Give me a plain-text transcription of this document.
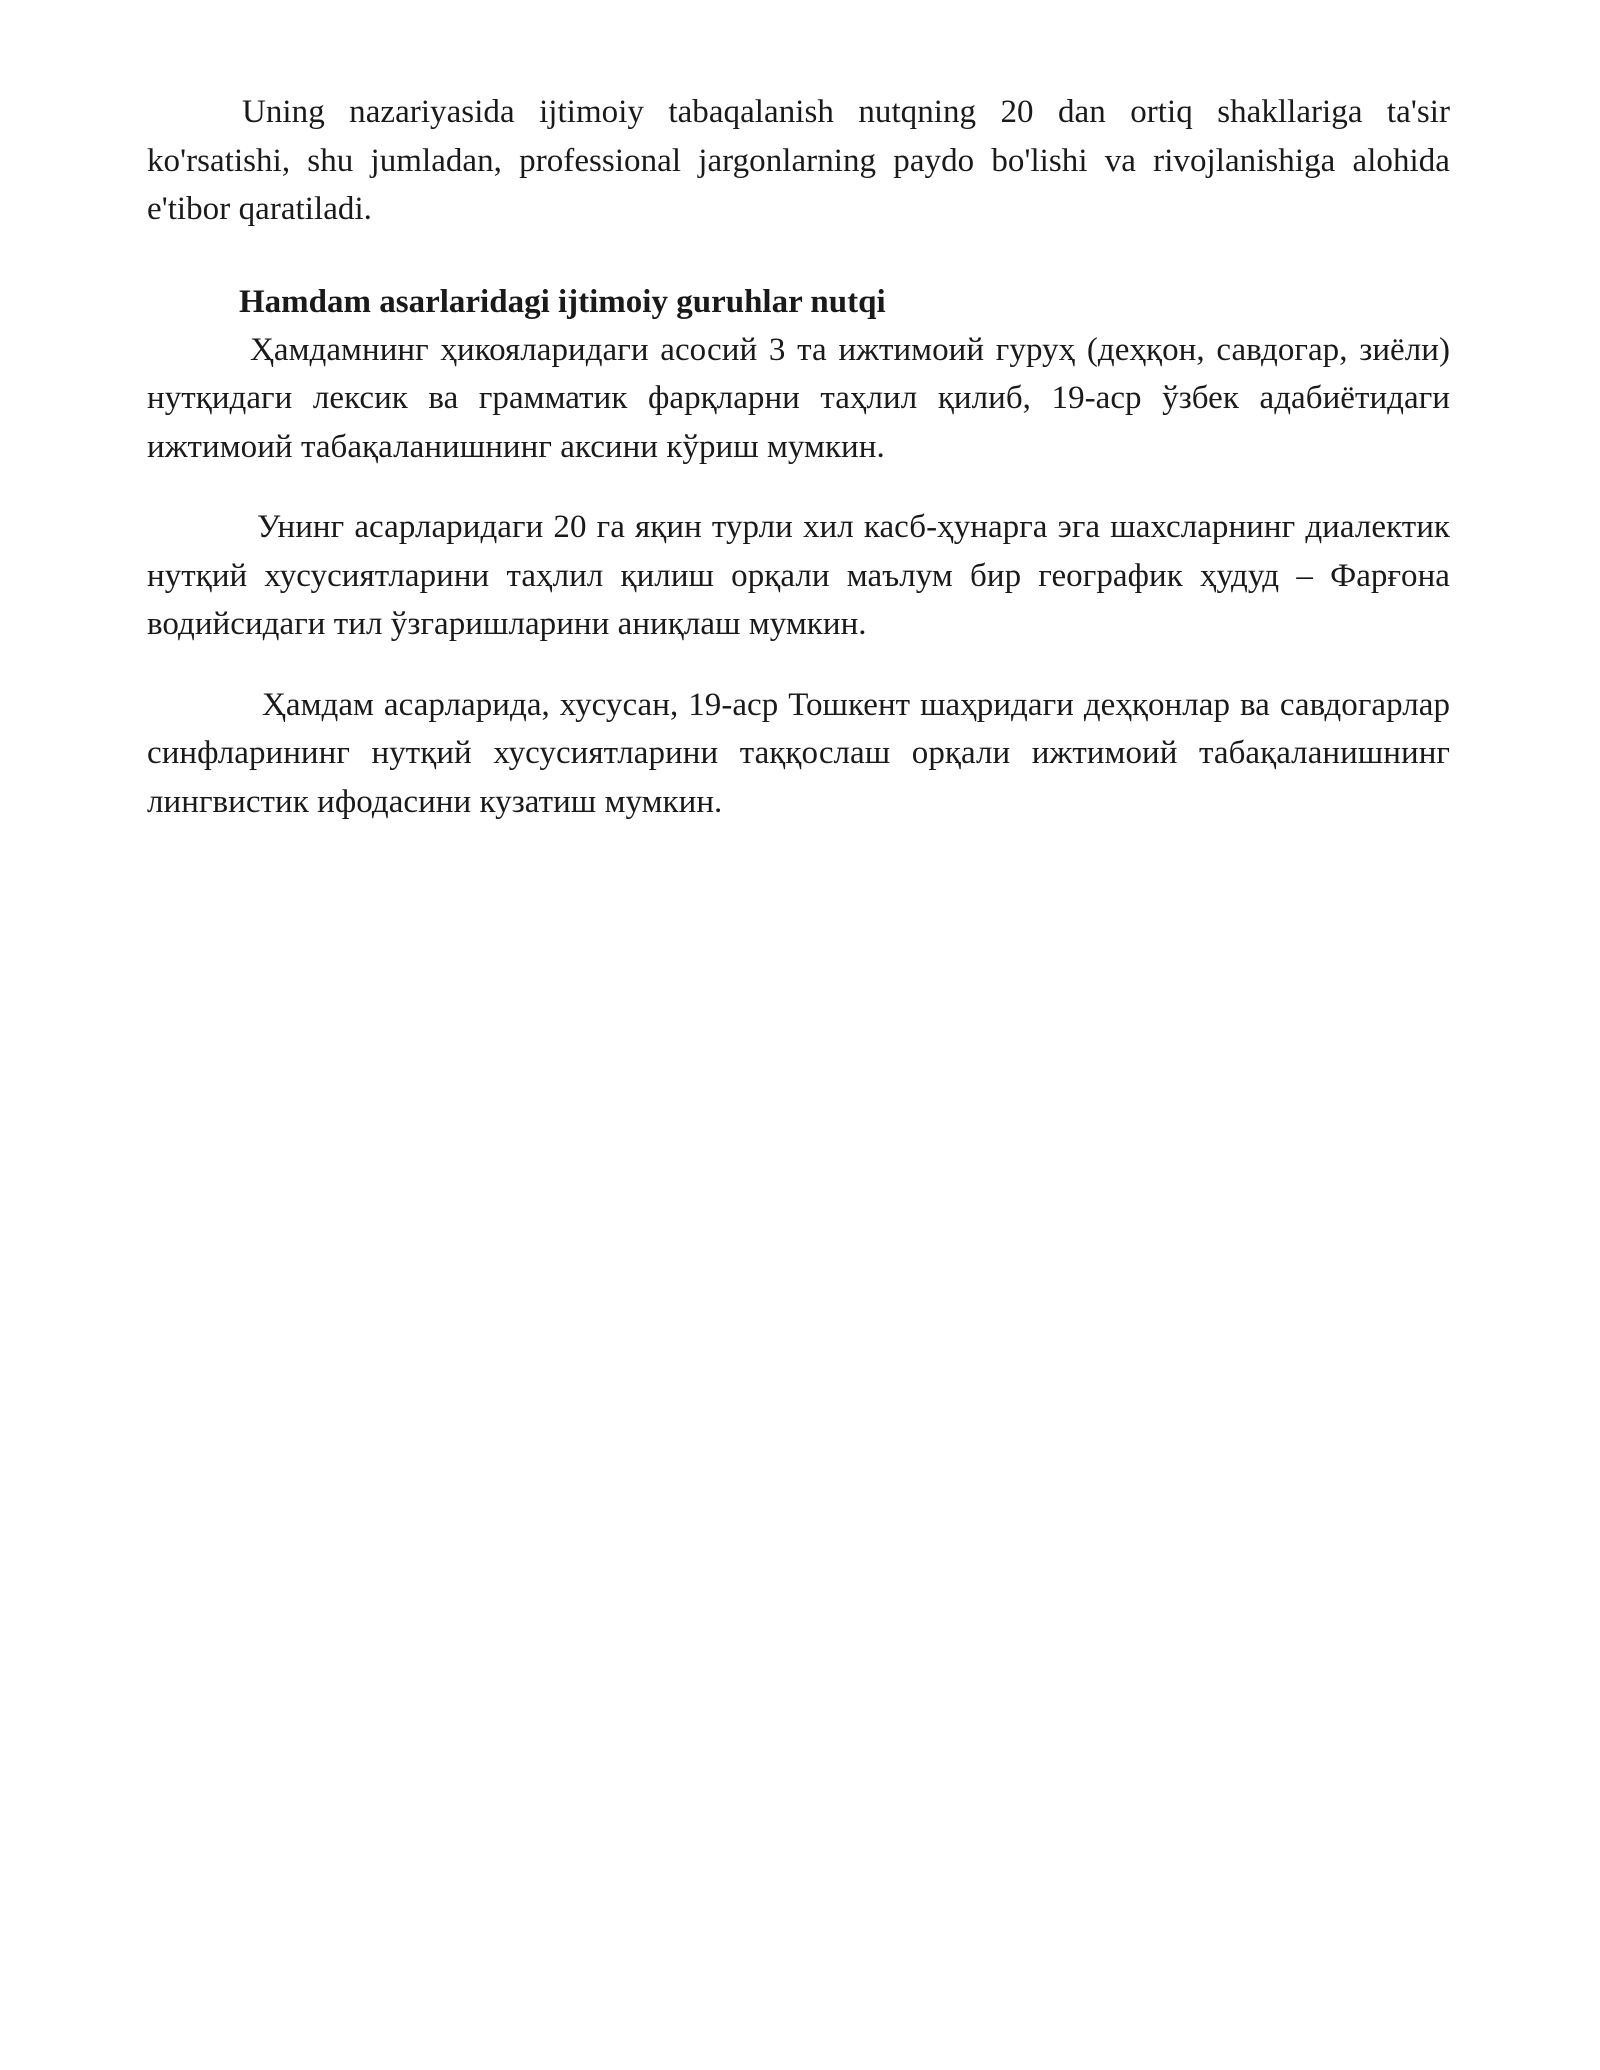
Uning nazariyasida ijtimoiy tabaqalanish nutqning 20 dan ortiq shakllariga ta'sir ko'rsatishi, shu jumladan, professional jargonlarning paydo bo'lishi va rivojlanishiga alohida e'tibor qaratiladi.

Hamdam asarlaridagi ijtimoiy guruhlar nutqi

Ҳамдамнинг ҳикояларидаги асосий 3 та ижтимоий гуруҳ (деҳқон, савдогар, зиёли) нутқидаги лексик ва грамматик фарқларни таҳлил қилиб, 19-аср ўзбек адабиётидаги ижтимоий табақаланишнинг аксини кўриш мумкин.

Унинг асарларидаги 20 га яқин турли хил касб-ҳунарга эга шахсларнинг диалектик нутқий хусусиятларини таҳлил қилиш орқали маълум бир географик ҳудуд – Фарғона водийсидаги тил ўзгаришларини аниқлаш мумкин.

Ҳамдам асарларида, хусусан, 19-аср Тошкент шаҳридаги деҳқонлар ва савдогарлар синфларининг нутқий хусусиятларини таққослаш орқали ижтимоий табақаланишнинг лингвистик ифодасини кузатиш мумкин.
